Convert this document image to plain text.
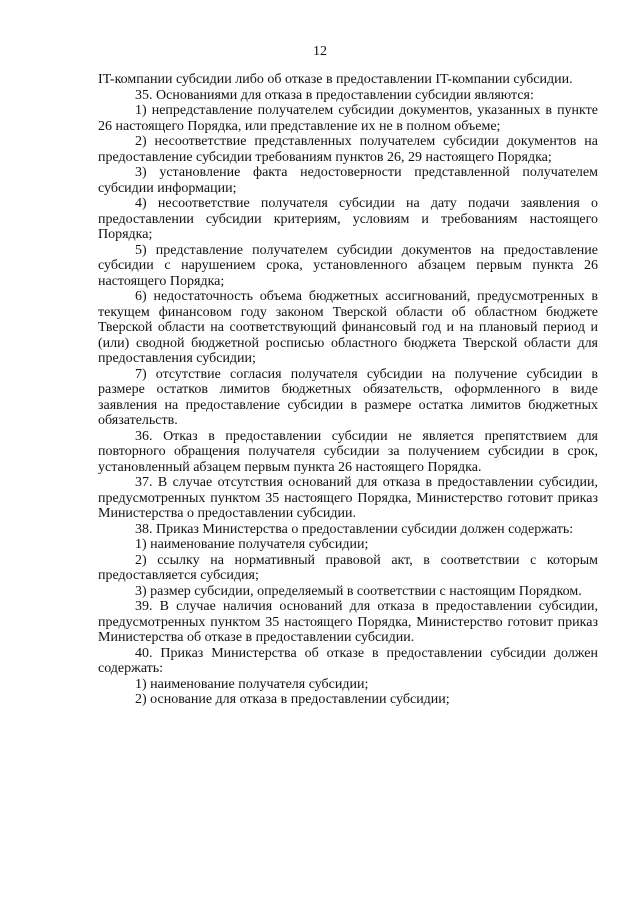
12

IT-компании субсидии либо об отказе в предоставлении IT-компании субсидии.

35. Основаниями для отказа в предоставлении субсидии являются:

1) непредставление получателем субсидии документов, указанных в пункте 26 настоящего Порядка, или представление их не в полном объеме;

2) несоответствие представленных получателем субсидии документов на предоставление субсидии требованиям пунктов 26, 29 настоящего Порядка;

3) установление факта недостоверности представленной получателем субсидии информации;

4) несоответствие получателя субсидии на дату подачи заявления о предоставлении субсидии критериям, условиям и требованиям настоящего Порядка;

5) представление получателем субсидии документов на предоставление субсидии с нарушением срока, установленного абзацем первым пункта 26 настоящего Порядка;

6) недостаточность объема бюджетных ассигнований, предусмотренных в текущем финансовом году законом Тверской области об областном бюджете Тверской области на соответствующий финансовый год и на плановый период и (или) сводной бюджетной росписью областного бюджета Тверской области для предоставления субсидии;

7) отсутствие согласия получателя субсидии на получение субсидии в размере остатков лимитов бюджетных обязательств, оформленного в виде заявления на предоставление субсидии в размере остатка лимитов бюджетных обязательств.

36. Отказ в предоставлении субсидии не является препятствием для повторного обращения получателя субсидии за получением субсидии в срок, установленный абзацем первым пункта 26 настоящего Порядка.

37. В случае отсутствия оснований для отказа в предоставлении субсидии, предусмотренных пунктом 35 настоящего Порядка, Министерство готовит приказ Министерства о предоставлении субсидии.

38. Приказ Министерства о предоставлении субсидии должен содержать:

1) наименование получателя субсидии;

2) ссылку на нормативный правовой акт, в соответствии с которым предоставляется субсидия;

3) размер субсидии, определяемый в соответствии с настоящим Порядком.

39. В случае наличия оснований для отказа в предоставлении субсидии, предусмотренных пунктом 35 настоящего Порядка, Министерство готовит приказ Министерства об отказе в предоставлении субсидии.

40. Приказ Министерства об отказе в предоставлении субсидии должен содержать:

1) наименование получателя субсидии;

2) основание для отказа в предоставлении субсидии;
